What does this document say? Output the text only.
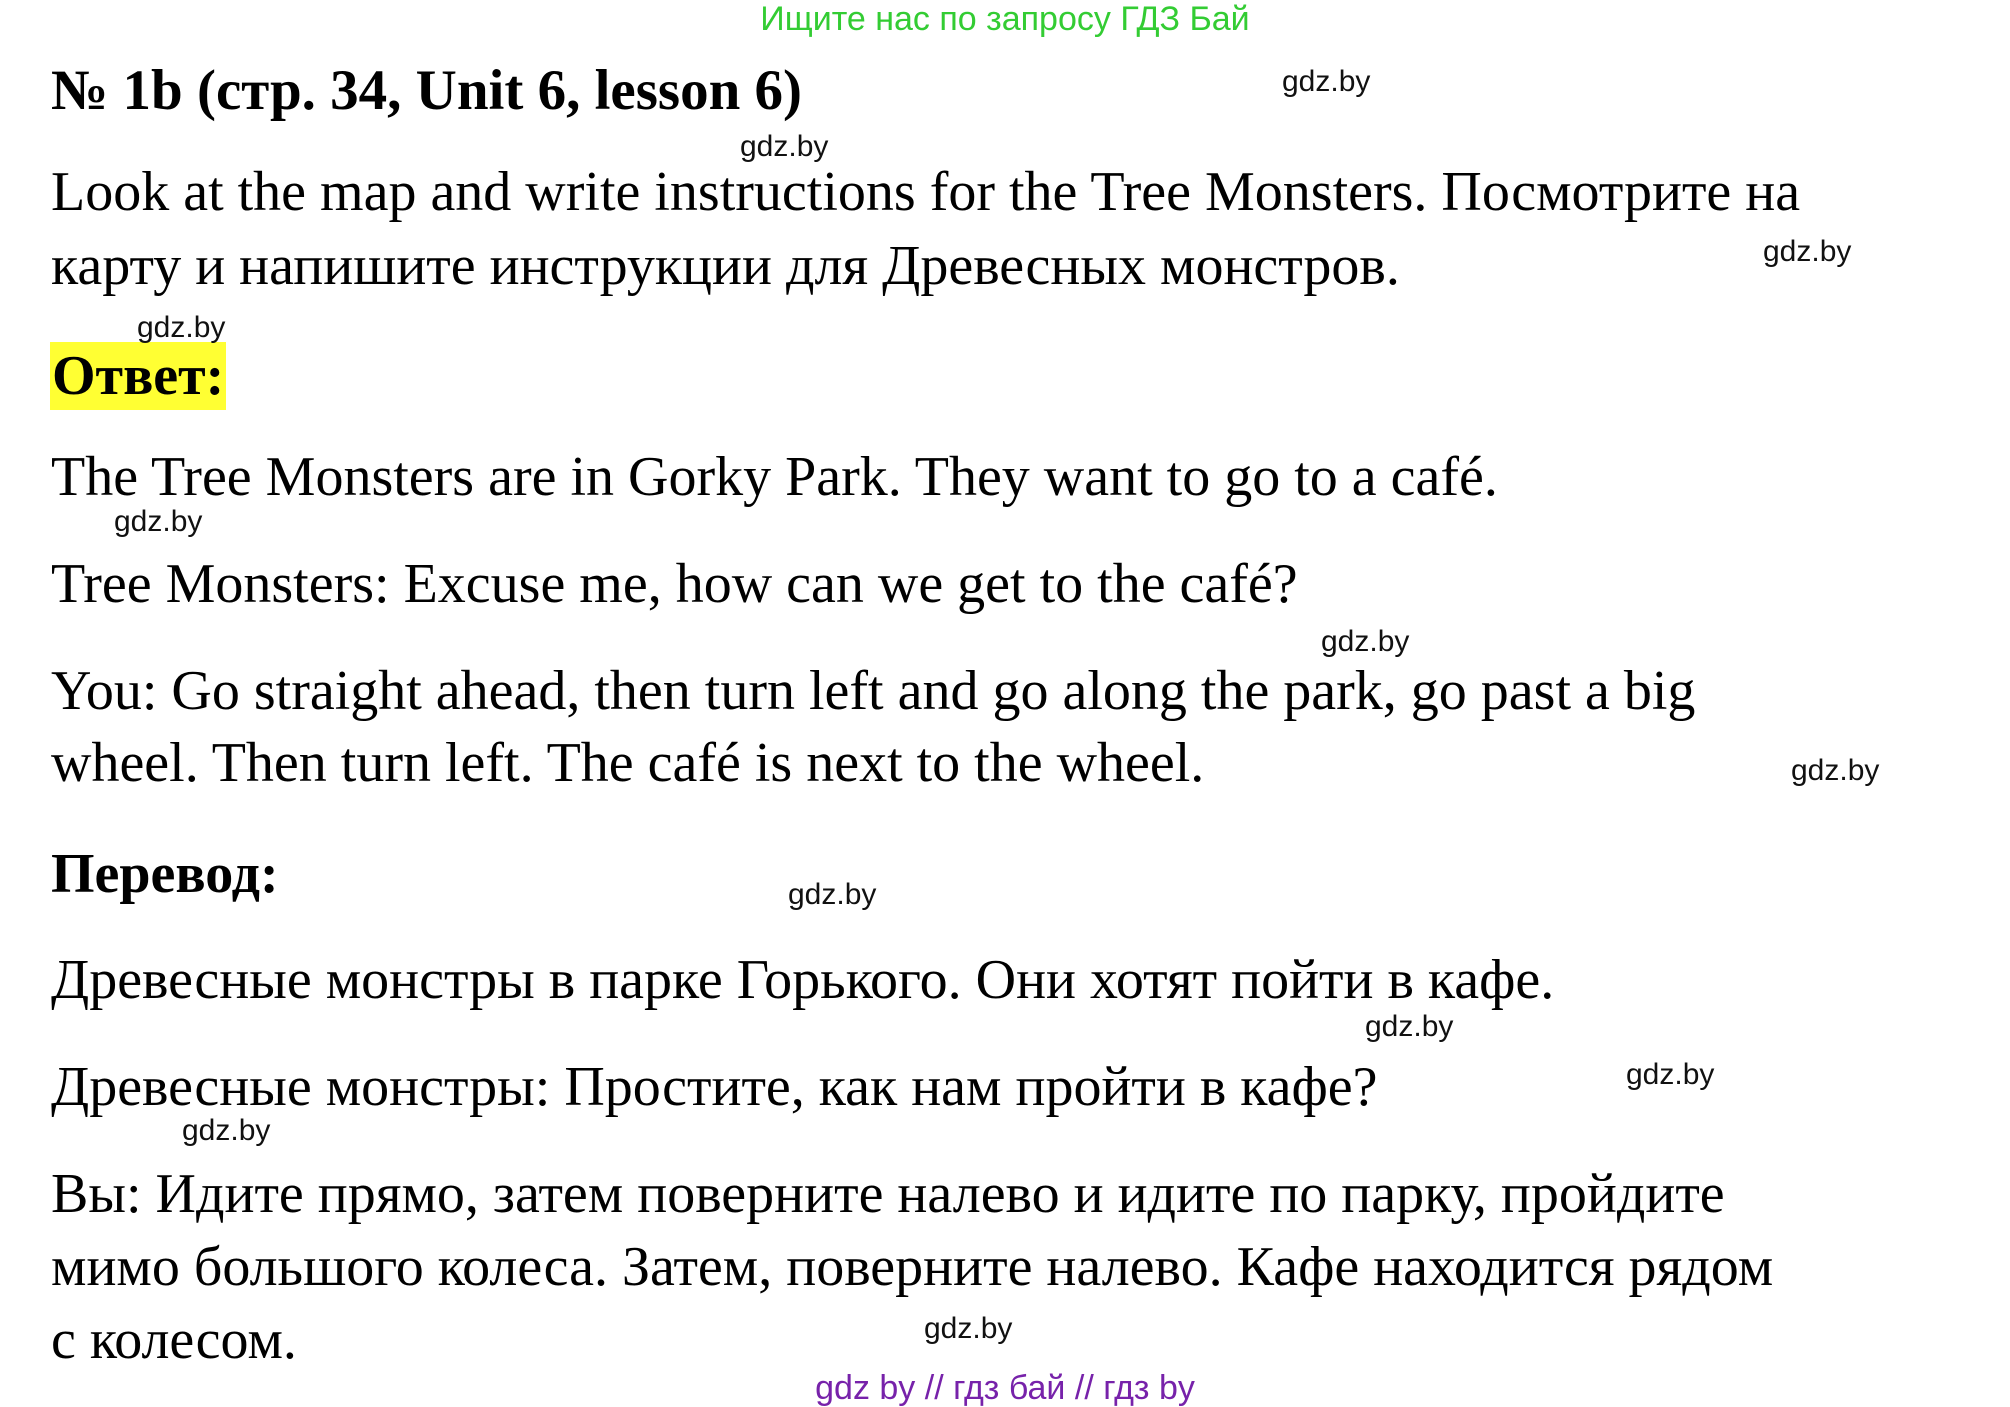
Ищите нас по запросу ГДЗ Бай
№ 1b (стр. 34, Unit 6, lesson 6)
Look at the map and write instructions for the Tree Monsters. Посмотрите на
карту и напишите инструкции для Древесных монстров.
Ответ:
The Tree Monsters are in Gorky Park. They want to go to a café.
Tree Monsters: Excuse me, how can we get to the café?
You: Go straight ahead, then turn left and go along the park, go past a big
wheel. Then turn left. The café is next to the wheel.
Перевод:
Древесные монстры в парке Горького. Они хотят пойти в кафе.
Древесные монстры: Простите, как нам пройти в кафе?
Вы: Идите прямо, затем поверните налево и идите по парку, пройдите
мимо большого колеса. Затем, поверните налево. Кафе находится рядом
с колесом.
gdz.by
gdz.by
gdz.by
gdz.by
gdz.by
gdz.by
gdz.by
gdz.by
gdz.by
gdz.by
gdz.by
gdz.by
gdz by // гдз бай // гдз by
